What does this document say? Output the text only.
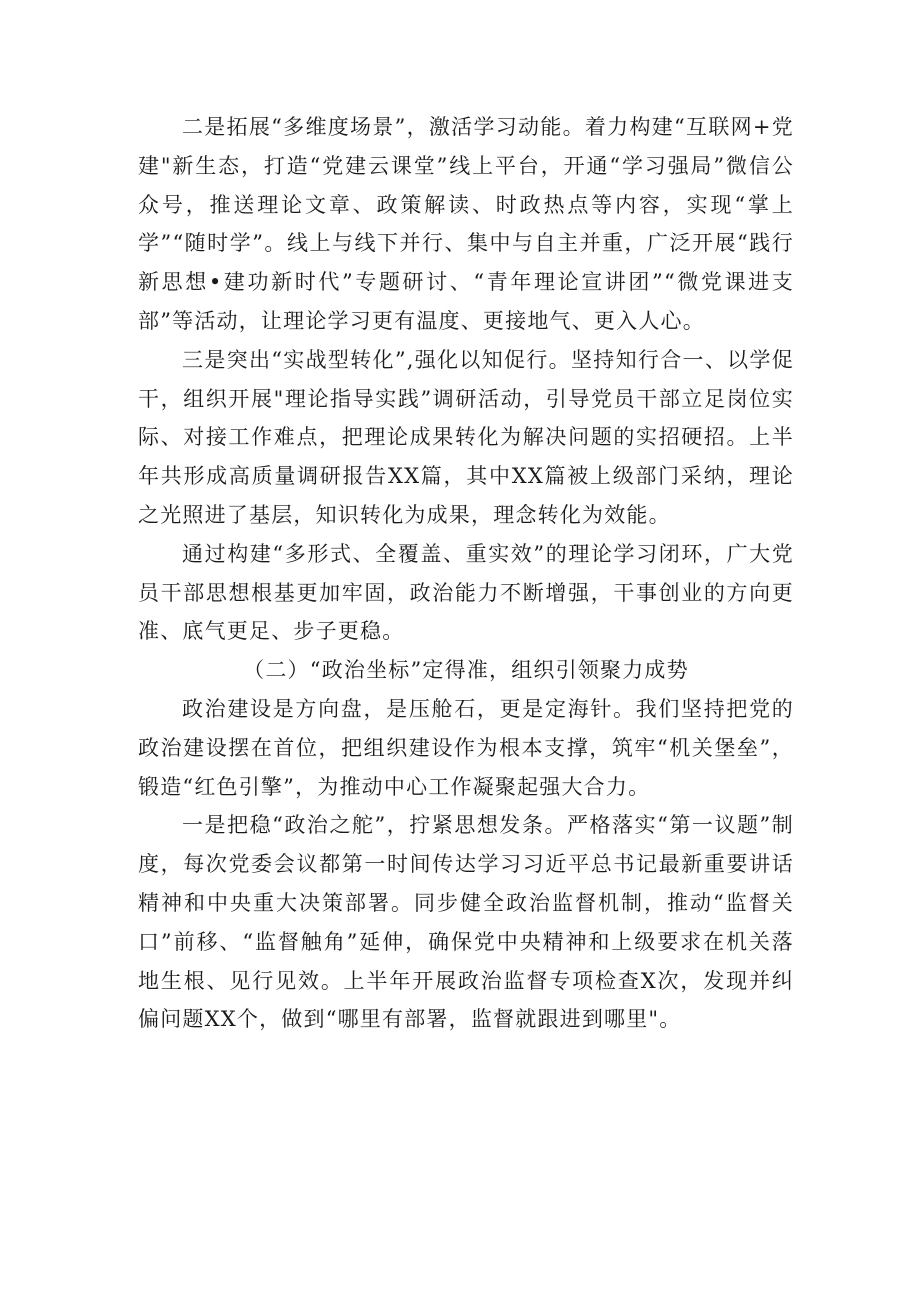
二是拓展“多维度场景”，激活学习动能。着力构建“互联网+党建"新生态，打造“党建云课堂”线上平台，开通“学习强局”微信公众号，推送理论文章、政策解读、时政热点等内容，实现“掌上学”“随时学”。线上与线下并行、集中与自主并重，广泛开展“践行新思想•建功新时代”专题研讨、“青年理论宣讲团”“微党课进支部”等活动，让理论学习更有温度、更接地气、更入人心。

三是突出“实战型转化”,强化以知促行。坚持知行合一、以学促干，组织开展"理论指导实践”调研活动，引导党员干部立足岗位实际、对接工作难点，把理论成果转化为解决问题的实招硬招。上半年共形成高质量调研报告XX篇，其中XX篇被上级部门采纳，理论之光照进了基层，知识转化为成果，理念转化为效能。

通过构建“多形式、全覆盖、重实效”的理论学习闭环，广大党员干部思想根基更加牢固，政治能力不断增强，干事创业的方向更准、底气更足、步子更稳。

（二）“政治坐标”定得准，组织引领聚力成势

政治建设是方向盘，是压舱石，更是定海针。我们坚持把党的政治建设摆在首位，把组织建设作为根本支撑，筑牢“机关堡垒”，锻造“红色引擎”，为推动中心工作凝聚起强大合力。

一是把稳“政治之舵”，拧紧思想发条。严格落实“第一议题”制度，每次党委会议都第一时间传达学习习近平总书记最新重要讲话精神和中央重大决策部署。同步健全政治监督机制，推动“监督关口”前移、“监督触角”延伸，确保党中央精神和上级要求在机关落地生根、见行见效。上半年开展政治监督专项检查X次，发现并纠偏问题XX个，做到“哪里有部署，监督就跟进到哪里"。
